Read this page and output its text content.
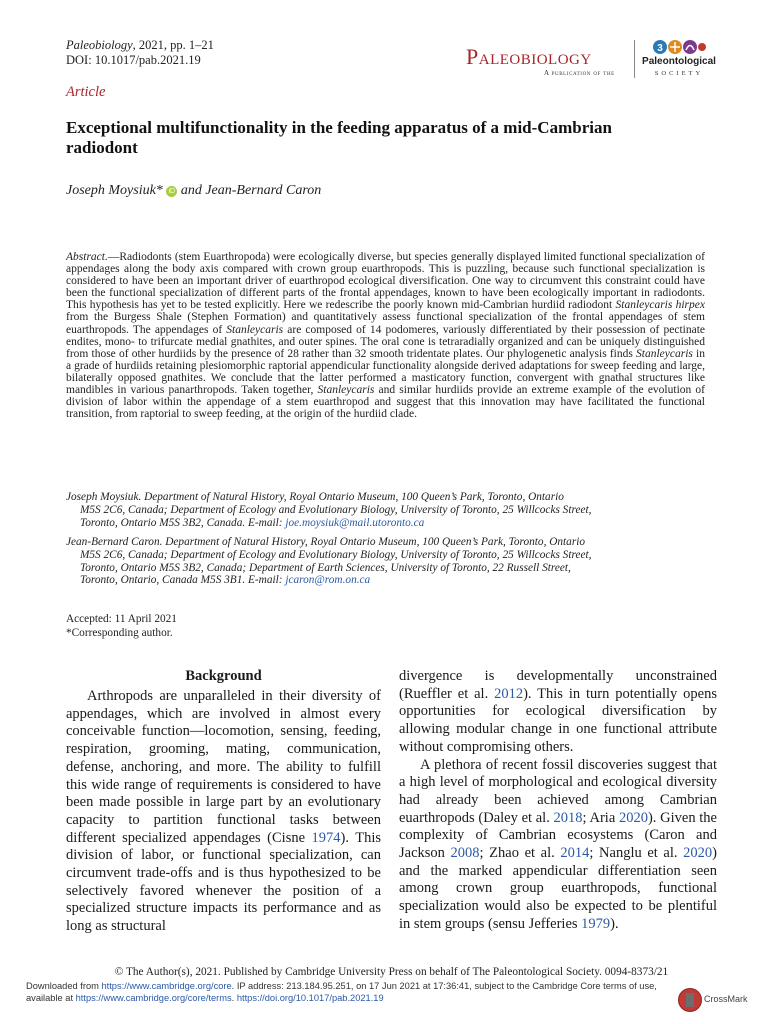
Paleobiology, 2021, pp. 1–21
DOI: 10.1017/pab.2021.19	Paleobiology
A publication of the
3
Paleontological
SOCIETY
Article
Exceptional multifunctionality in the feeding apparatus of a mid-Cambrian radiodont
Joseph Moysiuk* iD and Jean-Bernard Caron
Abstract.—Radiodonts (stem Euarthropoda) were ecologically diverse, but species generally displayed limited functional specialization of appendages along the body axis compared with crown group euarthropods. This is puzzling, because such functional specialization is considered to have been an important driver of euarthropod ecological diversification. One way to circumvent this constraint could have been the functional specialization of different parts of the frontal appendages, known to have been ecologically important in radiodonts. This hypothesis has yet to be tested explicitly. Here we redescribe the poorly known mid-Cambrian hurdiid radiodont Stanleycaris hirpex from the Burgess Shale (Stephen Formation) and quantitatively assess functional specialization of the frontal appendages of stem euarthropods. The appendages of Stanleycaris are composed of 14 podomeres, variously differentiated by their possession of pectinate endites, mono- to trifurcate medial gnathites, and outer spines. The oral cone is tetraradially organized and can be uniquely distinguished from those of other hurdiids by the presence of 28 rather than 32 smooth tridentate plates. Our phylogenetic analysis finds Stanleycaris in a grade of hurdiids retaining plesiomorphic raptorial appendicular functionality alongside derived adaptations for sweep feeding and large, bilaterally opposed gnathites. We conclude that the latter performed a masticatory function, convergent with gnathal structures like mandibles in various panarthropods. Taken together, Stanleycaris and similar hurdiids provide an extreme example of the evolution of division of labor within the appendage of a stem euarthropod and suggest that this innovation may have facilitated the functional transition, from raptorial to sweep feeding, at the origin of the hurdiid clade.
Joseph Moysiuk. Department of Natural History, Royal Ontario Museum, 100 Queen’s Park, Toronto, Ontario
M5S 2C6, Canada; Department of Ecology and Evolutionary Biology, University of Toronto, 25 Willcocks Street,
Toronto, Ontario M5S 3B2, Canada. E-mail: joe.moysiuk@mail.utoronto.ca
Jean-Bernard Caron. Department of Natural History, Royal Ontario Museum, 100 Queen’s Park, Toronto, Ontario
M5S 2C6, Canada; Department of Ecology and Evolutionary Biology, University of Toronto, 25 Willcocks Street,
Toronto, Ontario M5S 3B2, Canada; Department of Earth Sciences, University of Toronto, 22 Russell Street,
Toronto, Ontario, Canada M5S 3B1. E-mail: jcaron@rom.on.ca
Accepted: 11 April 2021
*Corresponding author.
Background

Arthropods are unparalleled in their diversity of appendages, which are involved in almost every conceivable function—locomotion, sensing, feeding, respiration, grooming, mating, communication, defense, anchoring, and more. The ability to fulfill this wide range of requirements is considered to have been made possible in large part by an evolutionary capacity to partition functional tasks between different specialized appendages (Cisne 1974). This division of labor, or functional specialization, can circumvent trade-offs and is thus hypothesized to be selectively favored whenever the position of a specialized structure impacts its performance and as long as structural

divergence is developmentally unconstrained (Rueffler et al. 2012). This in turn potentially opens opportunities for ecological diversification by allowing modular change in one functional attribute without compromising others.

A plethora of recent fossil discoveries suggest that a high level of morphological and ecological diversity had already been achieved among Cambrian euarthropods (Daley et al. 2018; Aria 2020). Given the complexity of Cambrian ecosystems (Caron and Jackson 2008; Zhao et al. 2014; Nanglu et al. 2020) and the marked appendicular differentiation seen among crown group euarthropods, functional specialization would also be expected to be plentiful in stem groups (sensu Jefferies 1979).

© The Author(s), 2021. Published by Cambridge University Press on behalf of The Paleontological Society. 0094-8373/21
Downloaded from https://www.cambridge.org/core. IP address: 213.184.95.251, on 17 Jun 2021 at 17:36:41, subject to the Cambridge Core terms of use, available at https://www.cambridge.org/core/terms. https://doi.org/10.1017/pab.2021.19	CrossMark
